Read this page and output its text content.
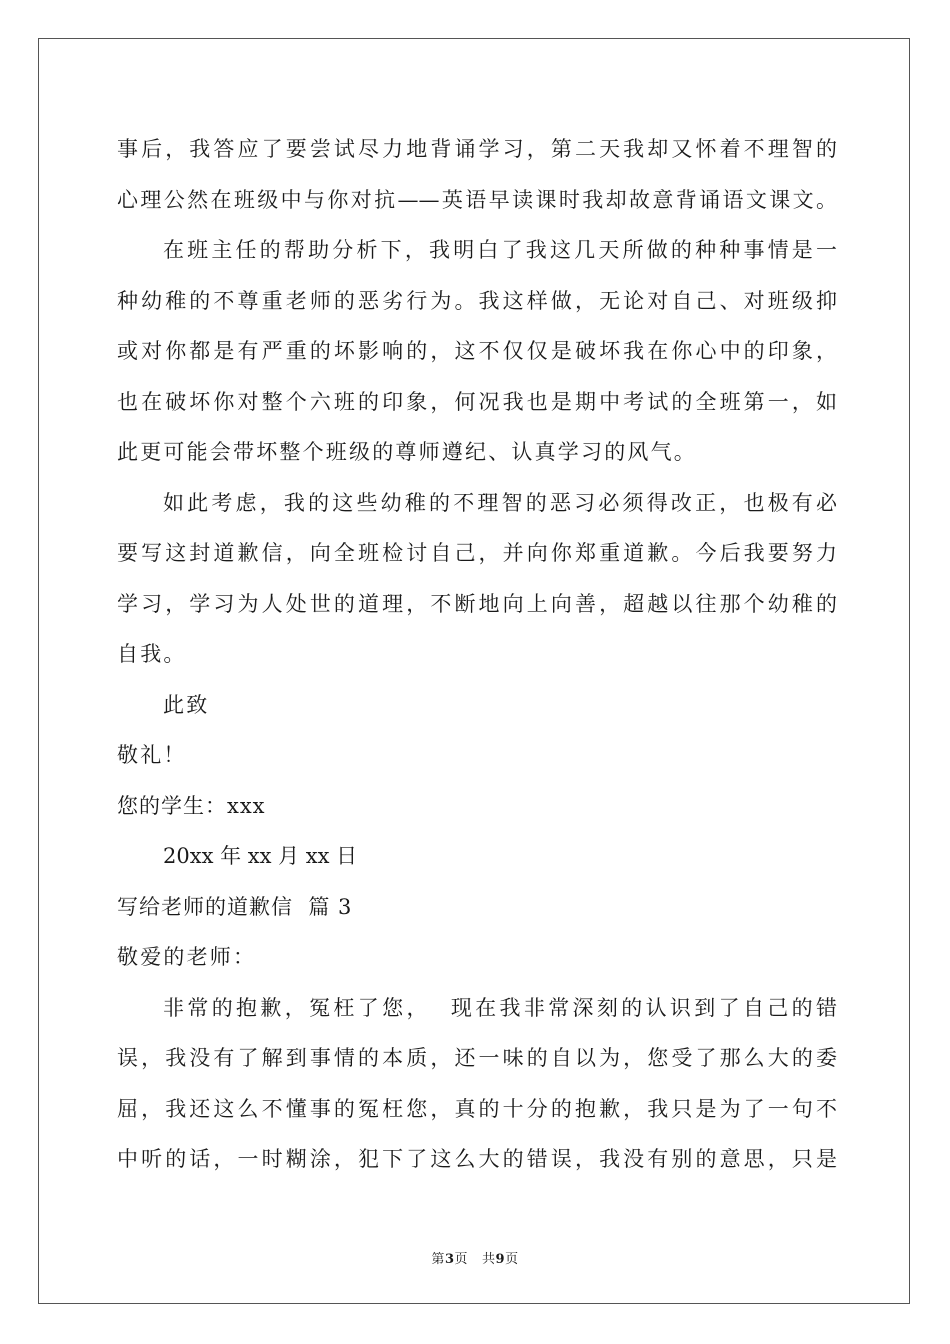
事后，我答应了要尝试尽力地背诵学习，第二天我却又怀着不理智的
心理公然在班级中与你对抗——英语早读课时我却故意背诵语文课文。
在班主任的帮助分析下，我明白了我这几天所做的种种事情是一
种幼稚的不尊重老师的恶劣行为。我这样做，无论对自己、对班级抑
或对你都是有严重的坏影响的，这不仅仅是破坏我在你心中的印象，
也在破坏你对整个六班的印象，何况我也是期中考试的全班第一，如
此更可能会带坏整个班级的尊师遵纪、认真学习的风气。
如此考虑，我的这些幼稚的不理智的恶习必须得改正，也极有必
要写这封道歉信，向全班检讨自己，并向你郑重道歉。今后我要努力
学习，学习为人处世的道理，不断地向上向善，超越以往那个幼稚的
自我。
此致
敬礼！
您的学生：xxx
20xx 年 xx 月 xx 日
写给老师的道歉信  篇 3
敬爱的老师：
非常的抱歉，冤枉了您，  现在我非常深刻的认识到了自己的错
误，我没有了解到事情的本质，还一味的自以为，您受了那么大的委
屈，我还这么不懂事的冤枉您，真的十分的抱歉，我只是为了一句不
中听的话，一时糊涂，犯下了这么大的错误，我没有别的意思，只是
第3页 共9页
